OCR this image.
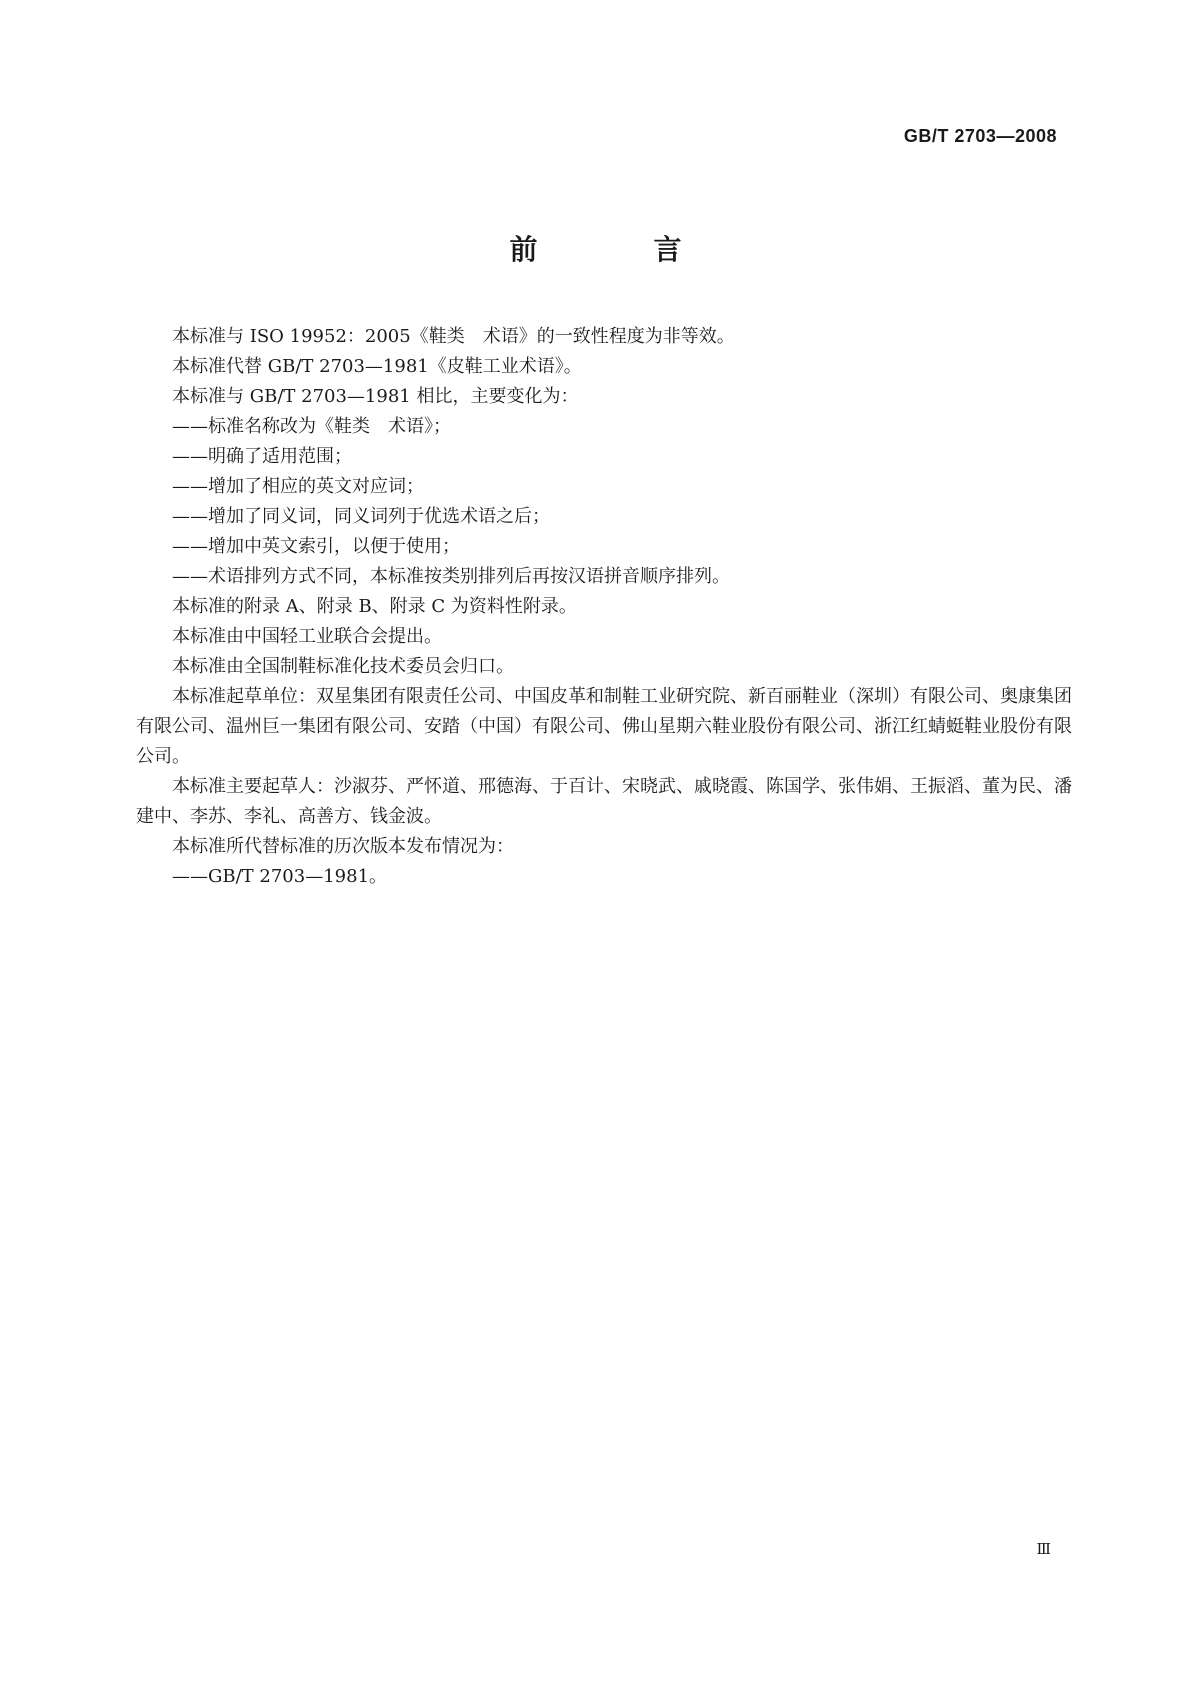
GB/T 2703—2008
前　言

本标准与 ISO 19952：2005《鞋类　术语》的一致性程度为非等效。

本标准代替 GB/T 2703—1981《皮鞋工业术语》。

本标准与 GB/T 2703—1981 相比，主要变化为：

——标准名称改为《鞋类　术语》；

——明确了适用范围；

——增加了相应的英文对应词；

——增加了同义词，同义词列于优选术语之后；

——增加中英文索引，以便于使用；

——术语排列方式不同，本标准按类别排列后再按汉语拼音顺序排列。

本标准的附录 A、附录 B、附录 C 为资料性附录。

本标准由中国轻工业联合会提出。

本标准由全国制鞋标准化技术委员会归口。

本标准起草单位：双星集团有限责任公司、中国皮革和制鞋工业研究院、新百丽鞋业（深圳）有限公司、奥康集团有限公司、温州巨一集团有限公司、安踏（中国）有限公司、佛山星期六鞋业股份有限公司、浙江红蜻蜓鞋业股份有限公司。

本标准主要起草人：沙淑芬、严怀道、邢德海、于百计、宋晓武、戚晓霞、陈国学、张伟娟、王振滔、董为民、潘建中、李苏、李礼、高善方、钱金波。

本标准所代替标准的历次版本发布情况为：

——GB/T 2703—1981。

Ⅲ
